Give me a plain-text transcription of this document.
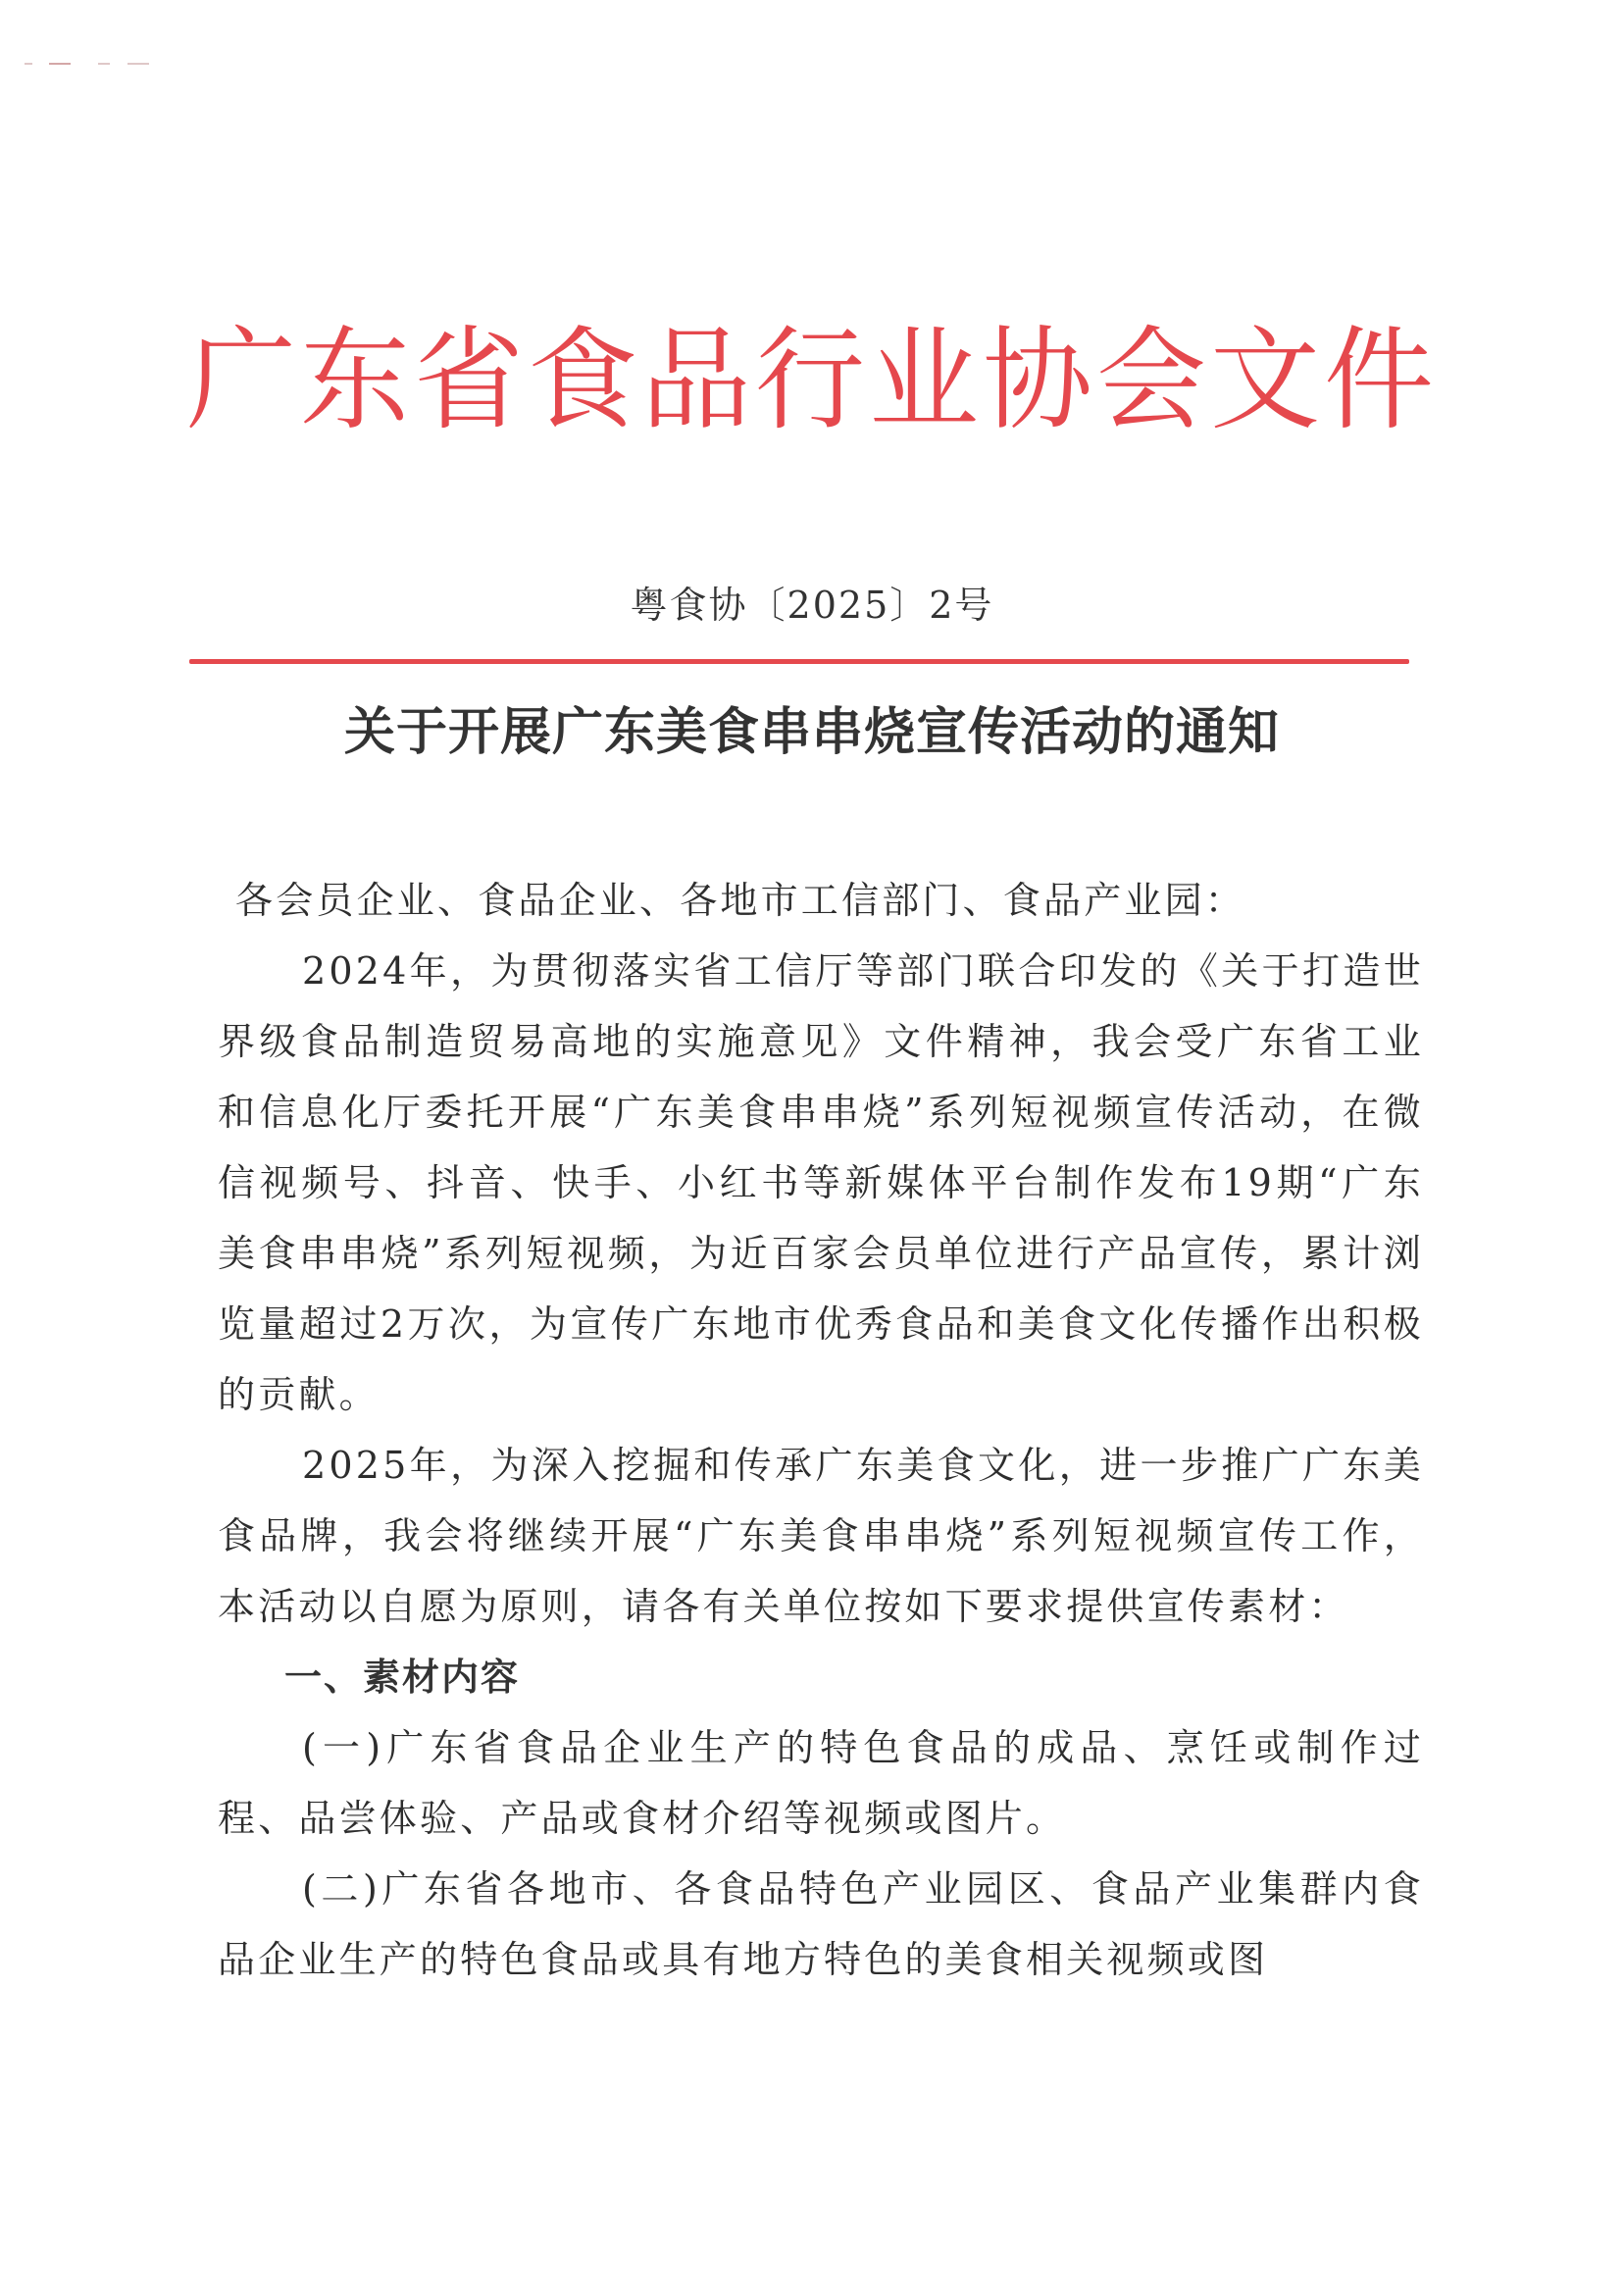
广东省食品行业协会文件
粤食协〔2025〕2号
关于开展广东美食串串烧宣传活动的通知

各会员企业、食品企业、各地市工信部门、食品产业园：

2024年，为贯彻落实省工信厅等部门联合印发的《关于打造世界级食品制造贸易高地的实施意见》文件精神，我会受广东省工业和信息化厅委托开展“广东美食串串烧”系列短视频宣传活动，在微信视频号、抖音、快手、小红书等新媒体平台制作发布19期“广东美食串串烧”系列短视频，为近百家会员单位进行产品宣传，累计浏览量超过2万次，为宣传广东地市优秀食品和美食文化传播作出积极的贡献。

2025年，为深入挖掘和传承广东美食文化，进一步推广广东美食品牌，我会将继续开展“广东美食串串烧”系列短视频宣传工作，本活动以自愿为原则，请各有关单位按如下要求提供宣传素材：

一、素材内容

(一)广东省食品企业生产的特色食品的成品、烹饪或制作过程、品尝体验、产品或食材介绍等视频或图片。

(二)广东省各地市、各食品特色产业园区、食品产业集群内食品企业生产的特色食品或具有地方特色的美食相关视频或图
